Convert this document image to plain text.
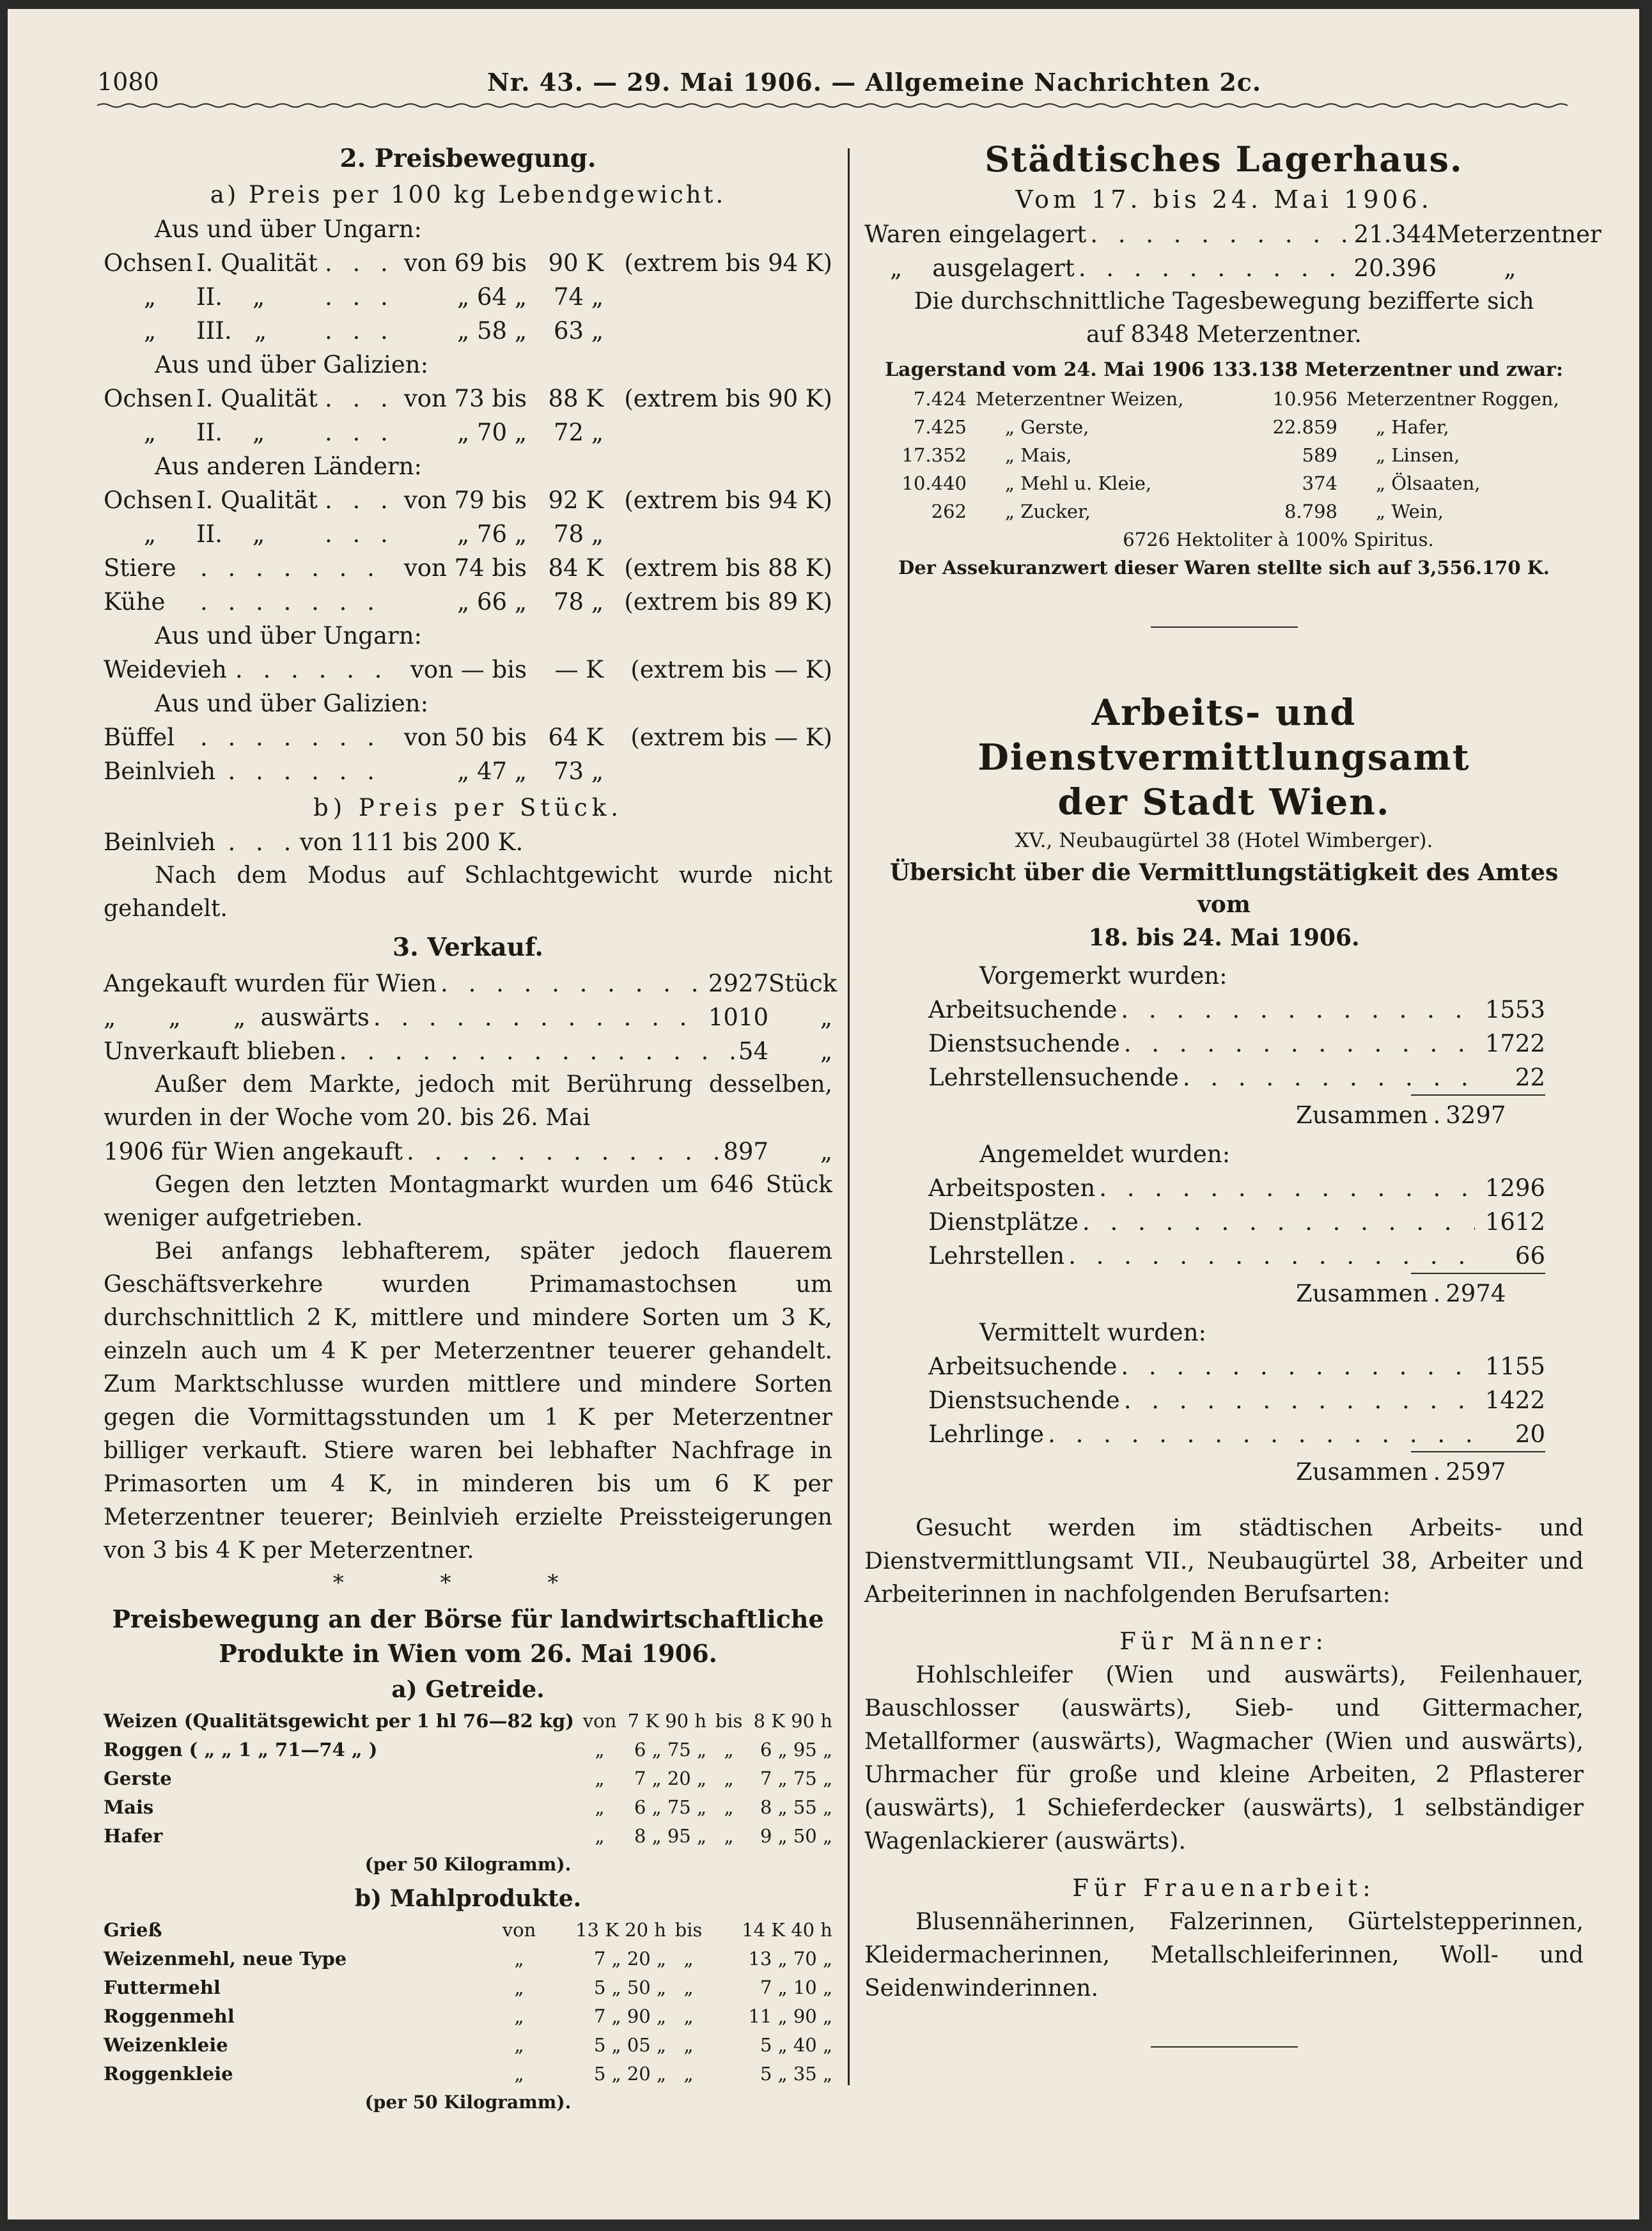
1080	Nr. 43. — 29. Mai 1906. — Allgemeine Nachrichten 2c.
2. Preisbewegung.
a) Preis per 100 kg Lebendgewicht.
Aus und über Ungarn:
Ochsen I. Qualität . . .	von 69 bis 90 K (extrem bis 94 K)
„	II.    „ . . .	„ 64 „	74 „
„	III.   „ . . .	„ 58 „	63 „
Aus und über Galizien:
Ochsen I. Qualität . . .	von 73 bis 88 K (extrem bis 90 K)
„	II.    „ . . .	„ 70 „	72 „
Aus anderen Ländern:
Ochsen I. Qualität . . .	von 79 bis 92 K (extrem bis 94 K)
„	II.    „ . . .	„ 76 „	78 „
Stiere . . .	von 74 bis 84 K (extrem bis 88 K)
Kühe . . .	„ 66 „	78 „ (extrem bis 89 K)
Aus und über Ungarn:
Weidevieh . . .	von — bis	— K	(extrem bis — K)
Aus und über Galizien:
Büffel . . .	von 50 bis 64 K	(extrem bis — K)
Beinlvieh . . .	„ 47 „	73 „
b) Preis per Stück.
Beinlvieh . . .	von 111 bis 200 K.
Nach dem Modus auf Schlachtgewicht wurde nicht gehandelt.
3. Verkauf.
Angekauft wurden für Wien . . .	2927 Stück
„       „       „  auswärts . . .	1010	„
Unverkauft blieben . . .	54	„
Außer dem Markte, jedoch mit Berührung desselben, wurden in der Woche vom 20. bis 26. Mai
1906 für Wien angekauft . . .	897	„
Gegen den letzten Montagmarkt wurden um 646 Stück weniger aufgetrieben.
Bei anfangs lebhafterem, später jedoch flauerem Geschäftsverkehre wurden Primamastochsen um durchschnittlich 2 K, mittlere und mindere Sorten um 3 K, einzeln auch um 4 K per Meterzentner teuerer gehandelt. Zum Marktschlusse wurden mittlere und mindere Sorten gegen die Vormittagsstunden um 1 K per Meterzentner billiger verkauft. Stiere waren bei lebhafter Nachfrage in Primasorten um 4 K, in minderen bis um 6 K per Meterzentner teuerer; Beinlvieh erzielte Preissteigerungen von 3 bis 4 K per Meterzentner.
* * *
Preisbewegung an der Börse für landwirtschaftliche
Produkte in Wien vom 26. Mai 1906.
a) Getreide.
Weizen (Qualitätsgewicht per 1 hl 76—82 kg)	von	7 K 90 h	bis	8 K 90 h
Roggen ( „ „ 1 „ 71—74 „ )	„	6 „ 75 „	„	6 „ 95 „
Gerste	„	7 „ 20 „	„	7 „ 75 „
Mais	„	6 „ 75 „	„	8 „ 55 „
Hafer	„	8 „ 95 „	„	9 „ 50 „
(per 50 Kilogramm).
b) Mahlprodukte.
Grieß	von	13 K 20 h	bis	14 K 40 h
Weizenmehl, neue Type	„	7 „ 20 „	„	13 „ 70 „
Futtermehl	„	5 „ 50 „	„	7 „ 10 „
Roggenmehl	„	7 „ 90 „	„	11 „ 90 „
Weizenkleie	„	5 „ 05 „	„	5 „ 40 „
Roggenkleie	„	5 „ 20 „	„	5 „ 35 „
(per 50 Kilogramm).
Städtisches Lagerhaus.
Vom 17. bis 24. Mai 1906.
Waren eingelagert . . .	21.344 Meterzentner
„    ausgelagert . . .	20.396	„
Die durchschnittliche Tagesbewegung bezifferte sich auf 8348 Meterzentner.
Lagerstand vom 24. Mai 1906 133.138 Meterzentner und zwar:
7.424	Meterzentner Weizen,	10.956	Meterzentner Roggen,
7.425	„ Gerste,	22.859	„ Hafer,
17.352	„ Mais,	589	„ Linsen,
10.440	„ Mehl u. Kleie,	374	„ Ölsaaten,
262	„ Zucker,	8.798	„ Wein,
6726 Hektoliter à 100% Spiritus.
Der Assekuranzwert dieser Waren stellte sich auf 3,556.170 K.
Arbeits- und Dienstvermittlungsamt
der Stadt Wien.
XV., Neubaugürtel 38 (Hotel Wimberger).
Übersicht über die Vermittlungstätigkeit des Amtes vom
18. bis 24. Mai 1906.
Vorgemerkt wurden:
Arbeitsuchende . . .	1553
Dienstsuchende . . .	1722
Lehrstellensuchende . . .	22
Zusammen . 3297
Angemeldet wurden:
Arbeitsposten . . .	1296
Dienstplätze . . .	1612
Lehrstellen . . .	66
Zusammen . 2974
Vermittelt wurden:
Arbeitsuchende . . .	1155
Dienstsuchende . . .	1422
Lehrlinge . . .	20
Zusammen . 2597
Gesucht werden im städtischen Arbeits- und Dienstvermittlungsamt VII., Neubaugürtel 38, Arbeiter und Arbeiterinnen in nachfolgenden Berufsarten:
Für Männer:
Hohlschleifer (Wien und auswärts), Feilenhauer, Bauschlosser (auswärts), Sieb- und Gittermacher, Metallformer (auswärts), Wagmacher (Wien und auswärts), Uhrmacher für große und kleine Arbeiten, 2 Pflasterer (auswärts), 1 Schieferdecker (auswärts), 1 selbständiger Wagenlackierer (auswärts).
Für Frauenarbeit:
Blusennäherinnen, Falzerinnen, Gürtelstepperinnen, Kleidermacherinnen, Metallschleiferinnen, Woll- und Seidenwinderinnen.
